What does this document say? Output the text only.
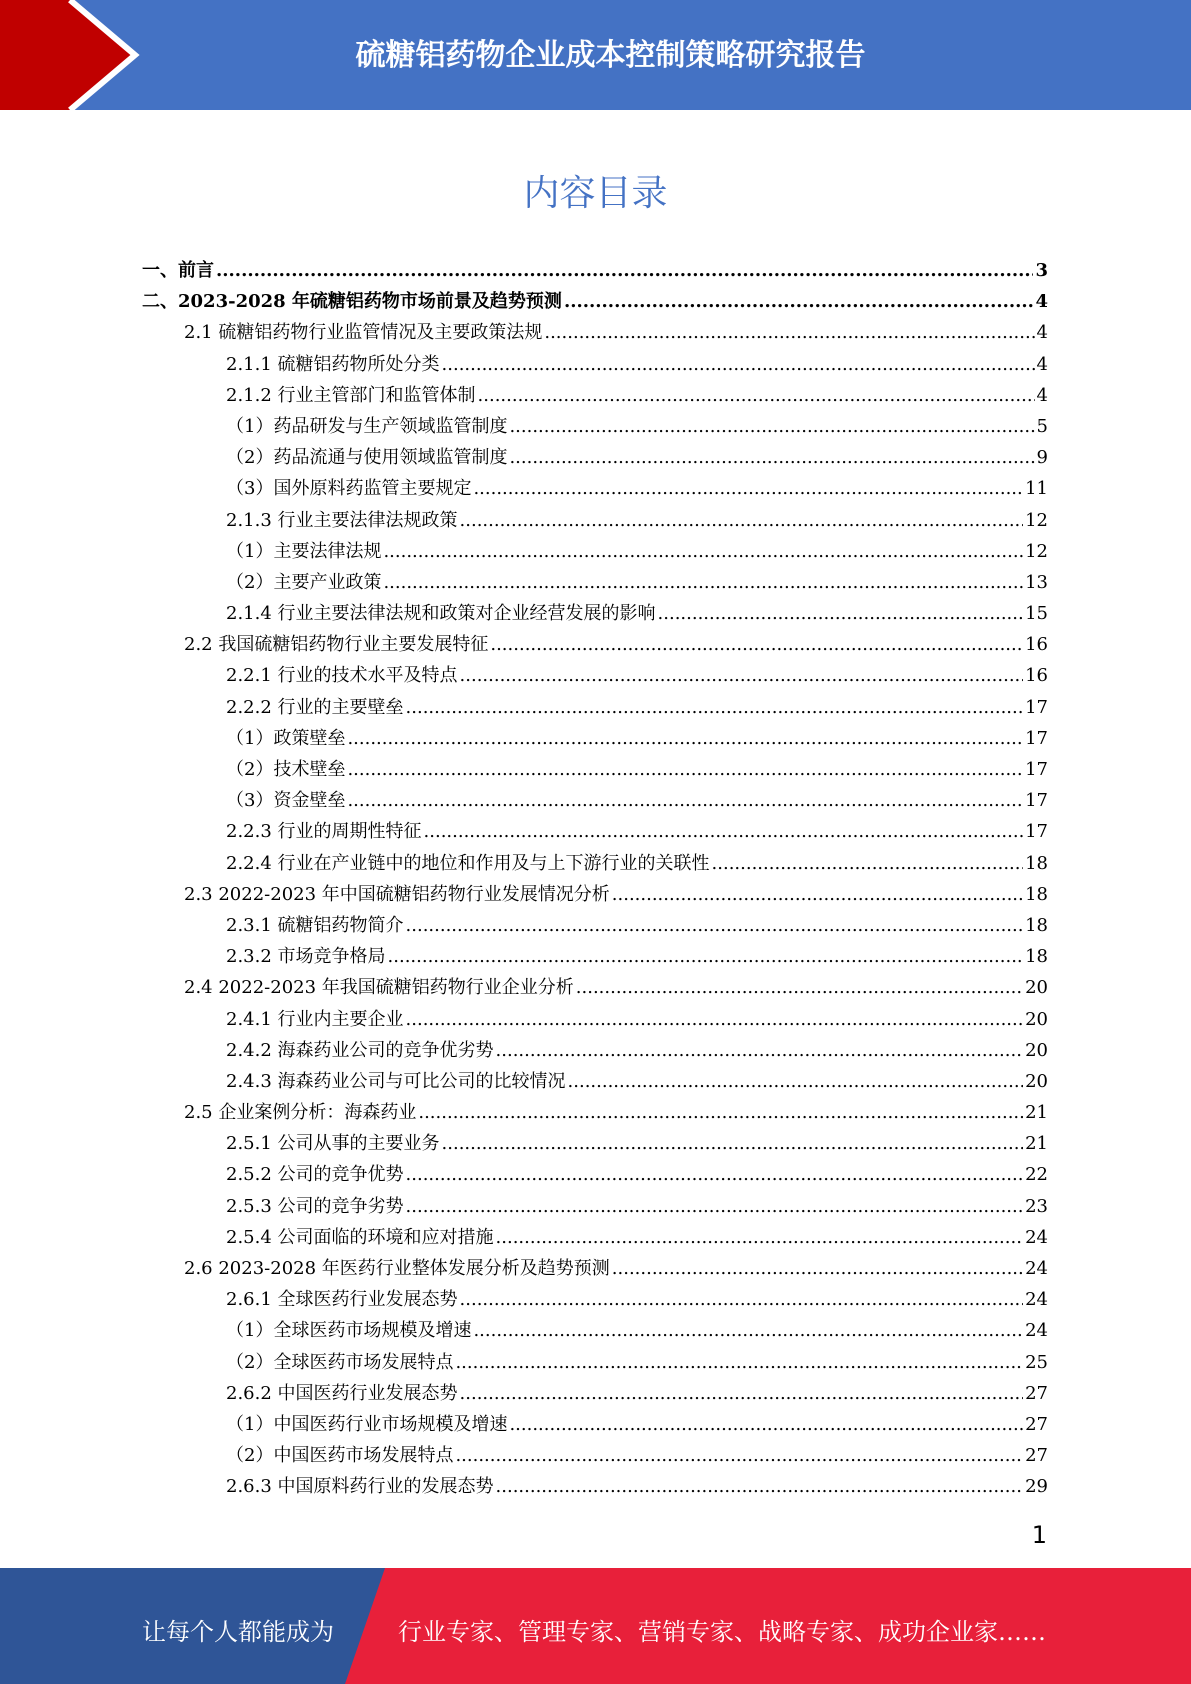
硫糖铝药物企业成本控制策略研究报告
内容目录
一、前言 .....	3
二、2023-2028 年硫糖铝药物市场前景及趋势预测 .....	4
2.1 硫糖铝药物行业监管情况及主要政策法规 .....	4
2.1.1 硫糖铝药物所处分类 .....	4
2.1.2 行业主管部门和监管体制 .....	4
（1）药品研发与生产领域监管制度 .....	5
（2）药品流通与使用领域监管制度 .....	9
（3）国外原料药监管主要规定 .....	11
2.1.3 行业主要法律法规政策 .....	12
（1）主要法律法规 .....	12
（2）主要产业政策 .....	13
2.1.4 行业主要法律法规和政策对企业经营发展的影响 .....	15
2.2 我国硫糖铝药物行业主要发展特征 .....	16
2.2.1 行业的技术水平及特点 .....	16
2.2.2 行业的主要壁垒 .....	17
（1）政策壁垒 .....	17
（2）技术壁垒 .....	17
（3）资金壁垒 .....	17
2.2.3 行业的周期性特征 .....	17
2.2.4 行业在产业链中的地位和作用及与上下游行业的关联性 .....	18
2.3 2022-2023 年中国硫糖铝药物行业发展情况分析 .....	18
2.3.1 硫糖铝药物简介 .....	18
2.3.2 市场竞争格局 .....	18
2.4 2022-2023 年我国硫糖铝药物行业企业分析 .....	20
2.4.1 行业内主要企业 .....	20
2.4.2 海森药业公司的竞争优劣势 .....	20
2.4.3 海森药业公司与可比公司的比较情况 .....	20
2.5 企业案例分析：海森药业 .....	21
2.5.1 公司从事的主要业务 .....	21
2.5.2 公司的竞争优势 .....	22
2.5.3 公司的竞争劣势 .....	23
2.5.4 公司面临的环境和应对措施 .....	24
2.6 2023-2028 年医药行业整体发展分析及趋势预测 .....	24
2.6.1 全球医药行业发展态势 .....	24
（1）全球医药市场规模及增速 .....	24
（2）全球医药市场发展特点 .....	25
2.6.2 中国医药行业发展态势 .....	27
（1）中国医药行业市场规模及增速 .....	27
（2）中国医药市场发展特点 .....	27
2.6.3 中国原料药行业的发展态势 .....	29
1
让每个人都能成为	行业专家、管理专家、营销专家、战略专家、成功企业家……
